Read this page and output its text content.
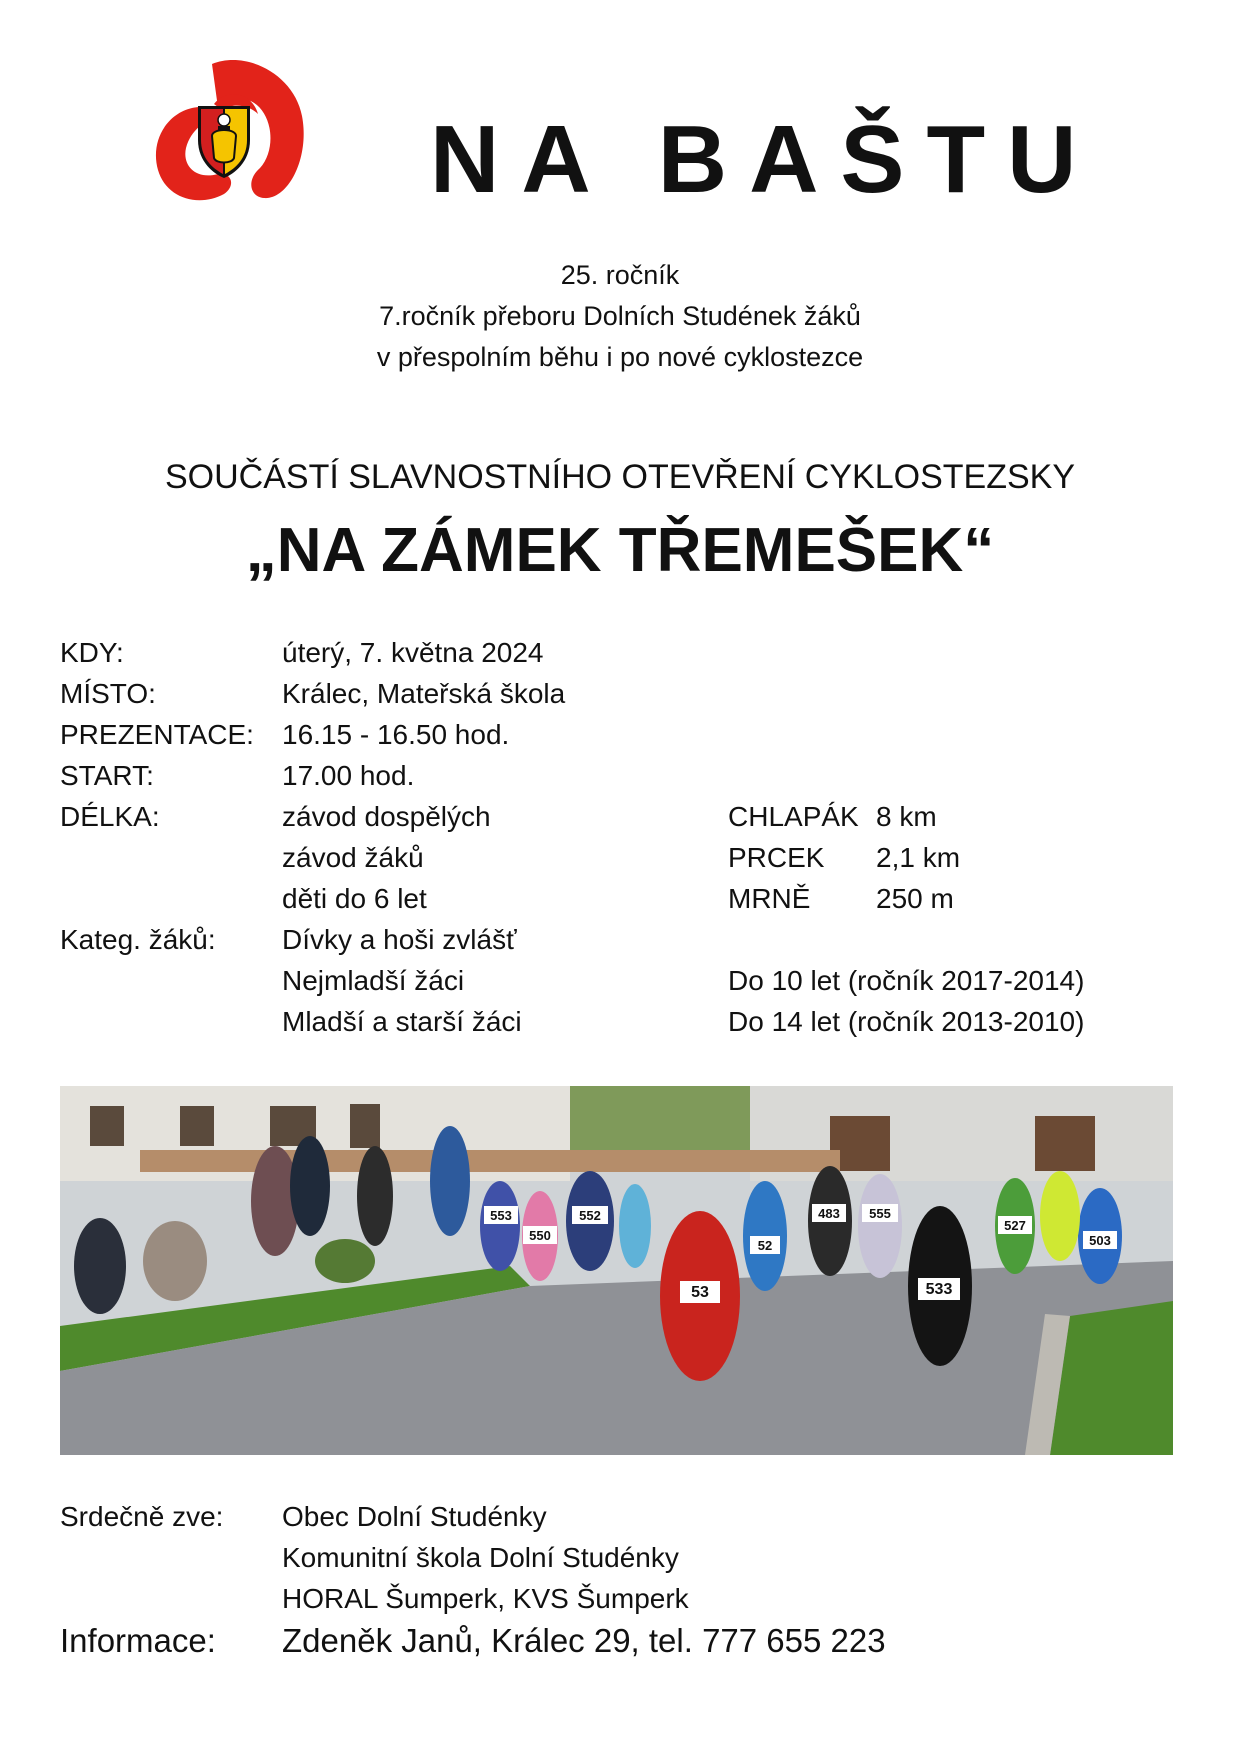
NA BAŠTU
25. ročník
7.ročník přeboru Dolních Studének žáků
v přespolním běhu i po nové cyklostezce
SOUČÁSTÍ SLAVNOSTNÍHO OTEVŘENÍ CYKLOSTEZSKY
„NA ZÁMEK TŘEMEŠEK“
KDY:	úterý, 7. května 2024
MÍSTO:	Králec, Mateřská škola
PREZENTACE: 16.15 - 16.50 hod.
START:	17.00 hod.
DÉLKA:	závod dospělých	CHLAPÁK 8 km
závod žáků	PRCEK 2,1 km
děti do 6 let	MRNĚ 250 m
Kateg. žáků: Dívky a hoši zvlášť
Nejmladší žáci	Do 10 let (ročník 2017-2014)
Mladší a starší žáci	Do 14 let (ročník 2013-2010)
553
550
552	483 555
527
503
52
533
53
Srdečně zve: Obec Dolní Studénky
Komunitní škola Dolní Studénky
HORAL Šumperk, KVS Šumperk
Informace: Zdeněk Janů, Králec 29, tel. 777 655 223
